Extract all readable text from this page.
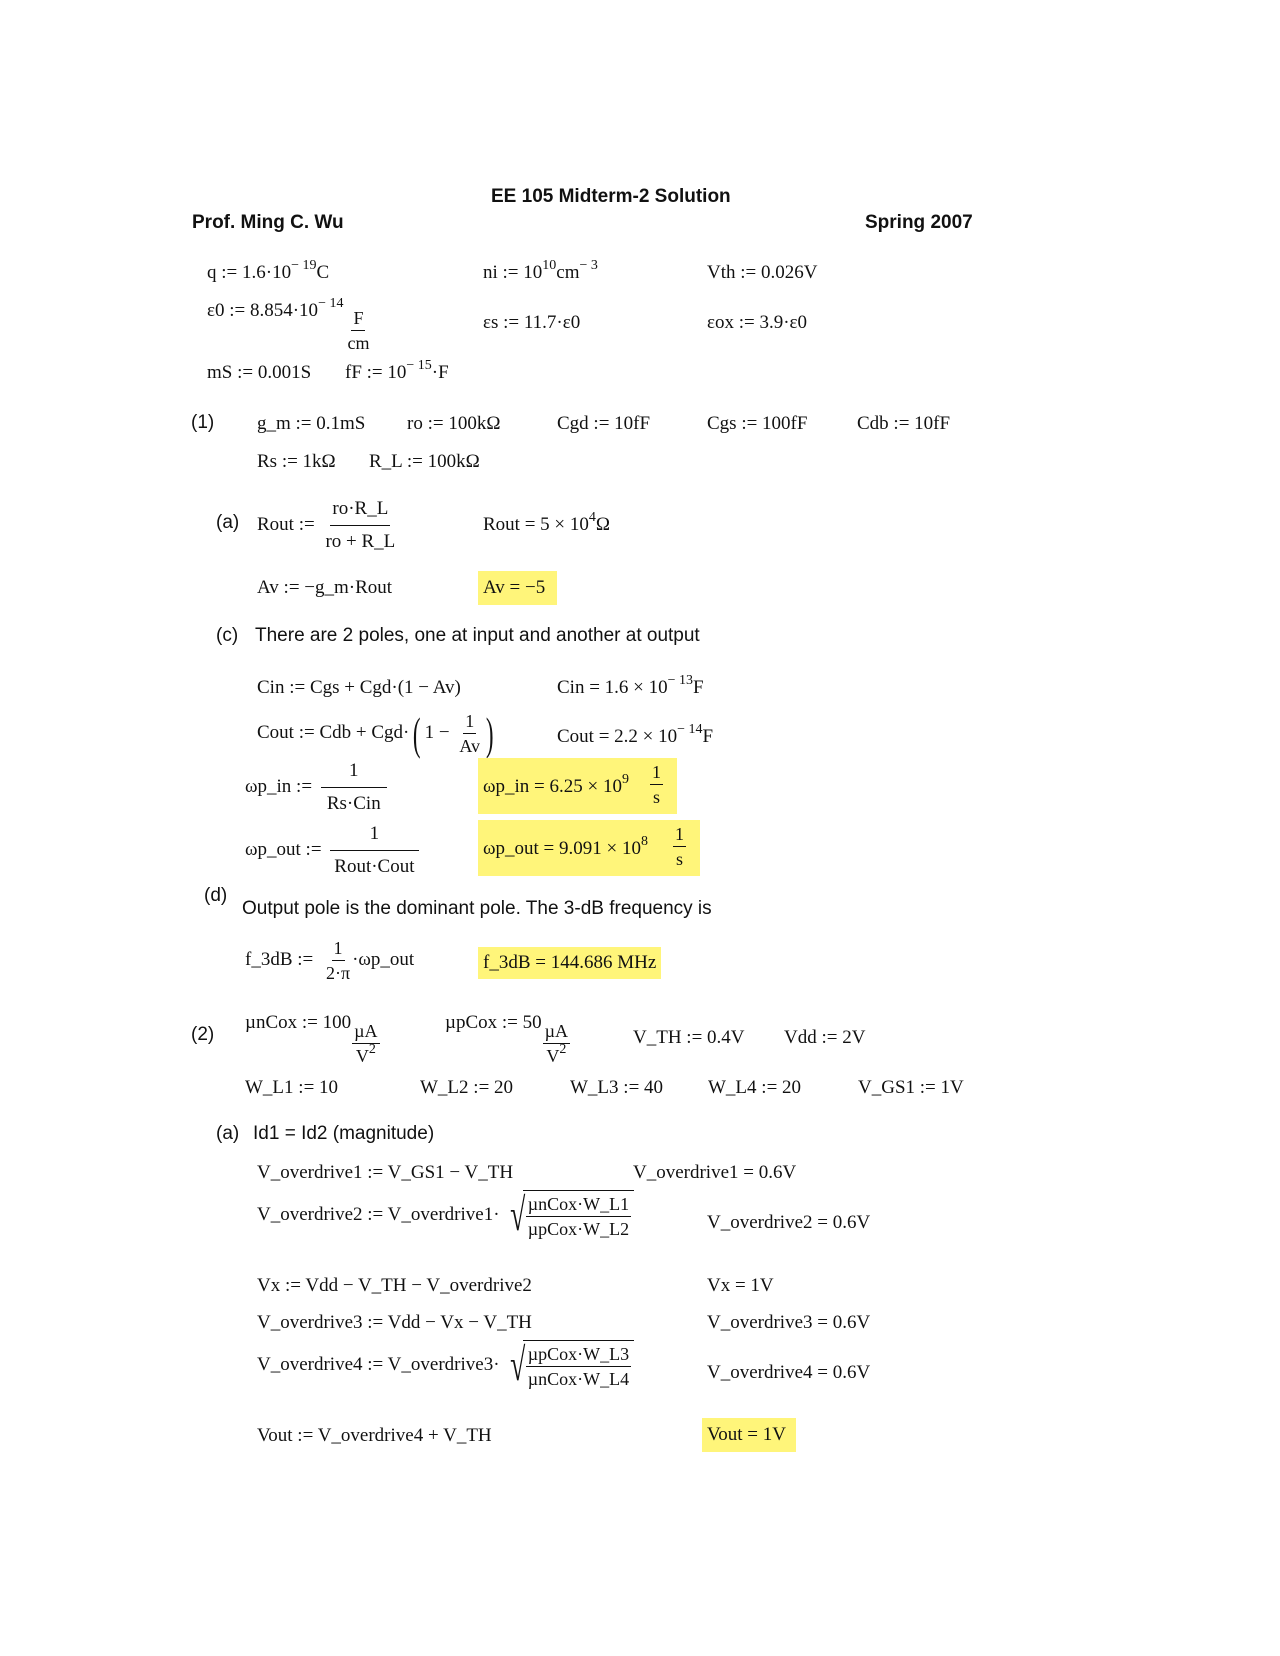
EE 105 Midterm-2 Solution
Prof. Ming C. Wu	Spring 2007
q := $1.6\cdot 10^{- 19}C$	ni := $10^{10}cm^{- 3}$	Vth := 0.026V
ε0 := $8.854\cdot 10^{- 14}$
$\frac{F}{cm}$	εs := 11.7·ε0	εox := 3.9·ε0
mS := 0.001S fF := $10^{- 15}\cdot F$
(1) g_m := 0.1mS ro := 100kΩ	Cgd := 10fF	Cgs := 100fF	Cdb := 10fF
Rs := 1kΩ R_L := 100kΩ
(a) Rout := $\frac{ro\cdot R\_L}{ro + R\_L}$	Rout = $5 \times 10^4\Omega$
Av := −g_m·Rout	Av = −5
(c) There are 2 poles, one at input and another at output
Cin := Cgs + Cgd·(1 − Av)	Cin = $1.6 \times 10^{- 13}F$
Cout := Cdb + Cgd·( $1 - \frac{1}{Av}$ )	Cout = $2.2 \times 10^{- 14}F$
ωp_in := $\frac{1}{\text{Rs·Cin}}$	ωp_in = $6.25 \times 10^9 \frac{1}{s}$
ωp_out := $\frac{1}{\text{Rout·Cout}}$	ωp_out = $9.091 \times 10^8 \frac{1}{s}$
(d)
Output pole is the dominant pole. The 3-dB frequency is
f_3dB := $\frac{1}{2\cdot\pi}$ ·ωp_out	f_3dB = 144.686 MHz
(2)
µnCox := $100 \frac{\text{µA}}{V^2}$	µpCox := $50 \frac{\text{µA}}{V^2}$	V_TH := 0.4V Vdd := 2V
W_L1 := 10	W_L2 := 20	W_L3 := 40 W_L4 := 20	V_GS1 := 1V
(a) Id1 = Id2 (magnitude)
V_overdrive1 := V_GS1 − V_TH	V_overdrive1 = 0.6V
V_overdrive2 := V_overdrive1· √ $\frac{\text{µnCox·W\_L1}}{\text{µpCox·W\_L2}}$	V_overdrive2 = 0.6V
Vx := Vdd − V_TH − V_overdrive2	Vx = 1V
V_overdrive3 := Vdd − Vx − V_TH	V_overdrive3 = 0.6V
V_overdrive4 := V_overdrive3· √ $\frac{\text{µpCox·W\_L3}}{\text{µnCox·W\_L4}}$	V_overdrive4 = 0.6V
Vout := V_overdrive4 + V_TH	Vout = 1V
